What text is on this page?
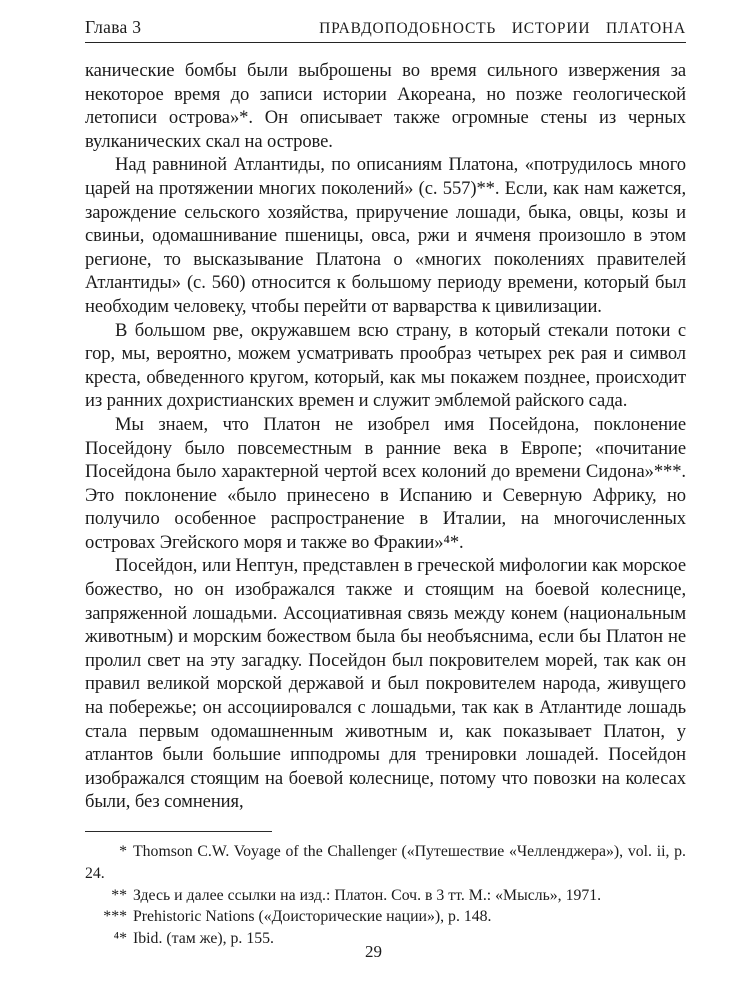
Глава 3	ПРАВДОПОДОБНОСТЬ ИСТОРИИ ПЛАТОНА

канические бомбы были выброшены во время сильного извержения за некоторое время до записи истории Акореана, но позже геологической летописи острова»*. Он описывает также огромные стены из черных вулканических скал на острове.

Над равниной Атлантиды, по описаниям Платона, «потрудилось много царей на протяжении многих поколений» (с. 557)**. Если, как нам кажется, зарождение сельского хозяйства, приручение лошади, быка, овцы, козы и свиньи, одомашнивание пшеницы, овса, ржи и ячменя произошло в этом регионе, то высказывание Платона о «многих поколениях правителей Атлантиды» (с. 560) относится к большому периоду времени, который был необходим человеку, чтобы перейти от варварства к цивилизации.

В большом рве, окружавшем всю страну, в который стекали потоки с гор, мы, вероятно, можем усматривать прообраз четырех рек рая и символ креста, обведенного кругом, который, как мы покажем позднее, происходит из ранних дохристианских времен и служит эмблемой райского сада.

Мы знаем, что Платон не изобрел имя Посейдона, поклонение Посейдону было повсеместным в ранние века в Европе; «почитание Посейдона было характерной чертой всех колоний до времени Сидона»***. Это поклонение «было принесено в Испанию и Северную Африку, но получило особенное распространение в Италии, на многочисленных островах Эгейского моря и также во Фракии»⁴*.

Посейдон, или Нептун, представлен в греческой мифологии как морское божество, но он изображался также и стоящим на боевой колеснице, запряженной лошадьми. Ассоциативная связь между конем (национальным животным) и морским божеством была бы необъяснима, если бы Платон не пролил свет на эту загадку. Посейдон был покровителем морей, так как он правил великой морской державой и был покровителем народа, живущего на побережье; он ассоциировался с лошадьми, так как в Атлантиде лошадь стала первым одомашненным животным и, как показывает Платон, у атлантов были большие ипподромы для тренировки лошадей. Посейдон изображался стоящим на боевой колеснице, потому что повозки на колесах были, без сомнения,

* Thomson C.W. Voyage of the Challenger («Путешествие «Челленджера»), vol. ii, p. 24.

** Здесь и далее ссылки на изд.: Платон. Соч. в 3 тт. М.: «Мысль», 1971.

*** Prehistoric Nations («Доисторические нации»), p. 148.

⁴* Ibid. (там же), p. 155.

29
